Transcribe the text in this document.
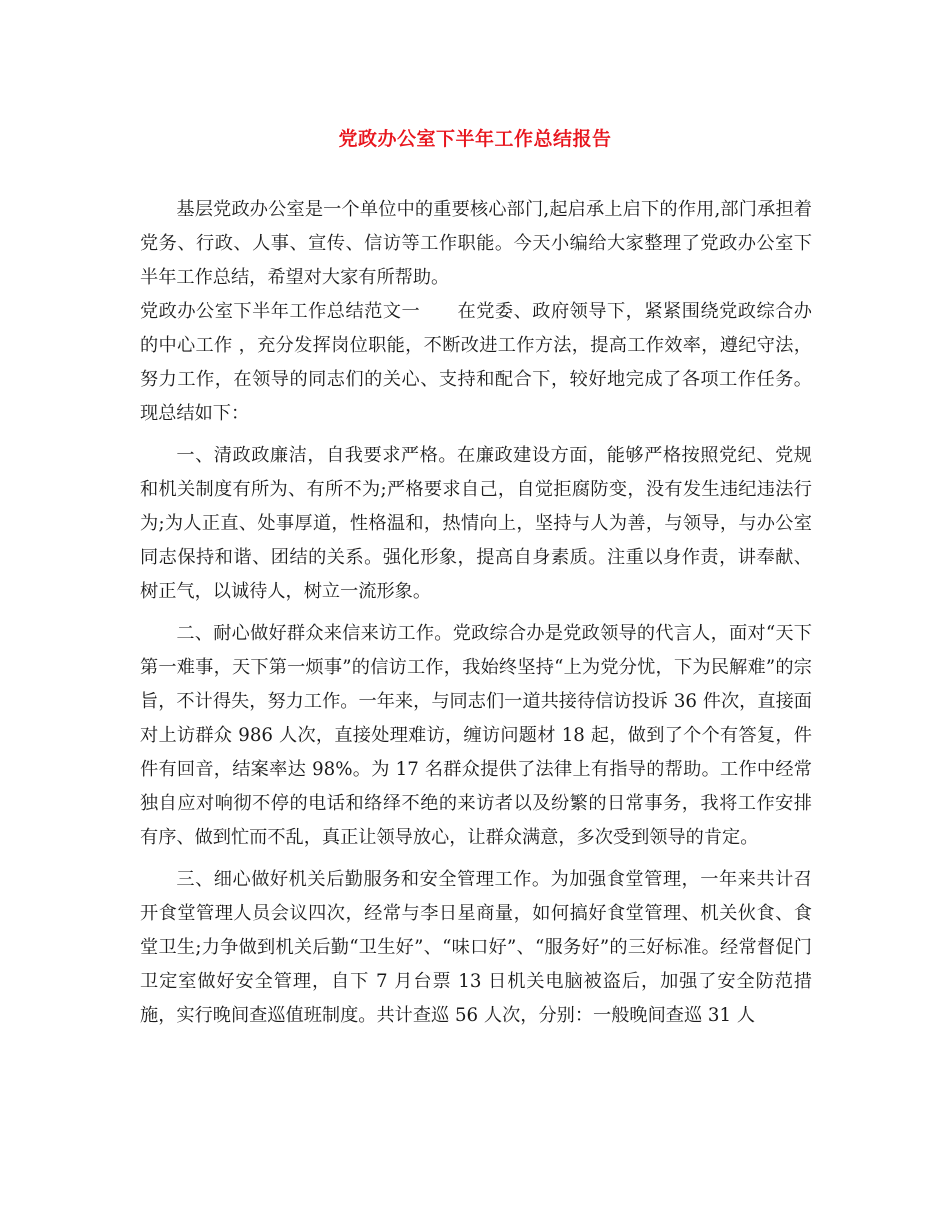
党政办公室下半年工作总结报告

基层党政办公室是一个单位中的重要核心部门,起启承上启下的作用,部门承担着党务、行政、人事、宣传、信访等工作职能。今天小编给大家整理了党政办公室下半年工作总结，希望对大家有所帮助。

党政办公室下半年工作总结范文一　　在党委、政府领导下，紧紧围绕党政综合办的中心工作 ，充分发挥岗位职能，不断改进工作方法，提高工作效率，遵纪守法，努力工作，在领导的同志们的关心、支持和配合下，较好地完成了各项工作任务。现总结如下：

一、清政政廉洁，自我要求严格。在廉政建设方面，能够严格按照党纪、党规和机关制度有所为、有所不为;严格要求自己，自觉拒腐防变，没有发生违纪违法行为;为人正直、处事厚道，性格温和，热情向上，坚持与人为善，与领导，与办公室同志保持和谐、团结的关系。强化形象，提高自身素质。注重以身作责，讲奉献、树正气，以诚待人，树立一流形象。

二、耐心做好群众来信来访工作。党政综合办是党政领导的代言人，面对“天下第一难事，天下第一烦事”的信访工作，我始终坚持“上为党分忧，下为民解难”的宗旨，不计得失，努力工作。一年来，与同志们一道共接待信访投诉 36 件次，直接面对上访群众 986 人次，直接处理难访，缠访问题材 18 起，做到了个个有答复，件件有回音，结案率达 98%。为 17 名群众提供了法律上有指导的帮助。工作中经常独自应对响彻不停的电话和络绎不绝的来访者以及纷繁的日常事务，我将工作安排有序、做到忙而不乱，真正让领导放心，让群众满意，多次受到领导的肯定。

三、细心做好机关后勤服务和安全管理工作。为加强食堂管理，一年来共计召开食堂管理人员会议四次，经常与李日星商量，如何搞好食堂管理、机关伙食、食堂卫生;力争做到机关后勤“卫生好”、“味口好”、“服务好”的三好标准。经常督促门卫定室做好安全管理，自下 7 月台票 13 日机关电脑被盗后，加强了安全防范措施，实行晚间查巡值班制度。共计查巡 56 人次，分别：一般晚间查巡 31 人
